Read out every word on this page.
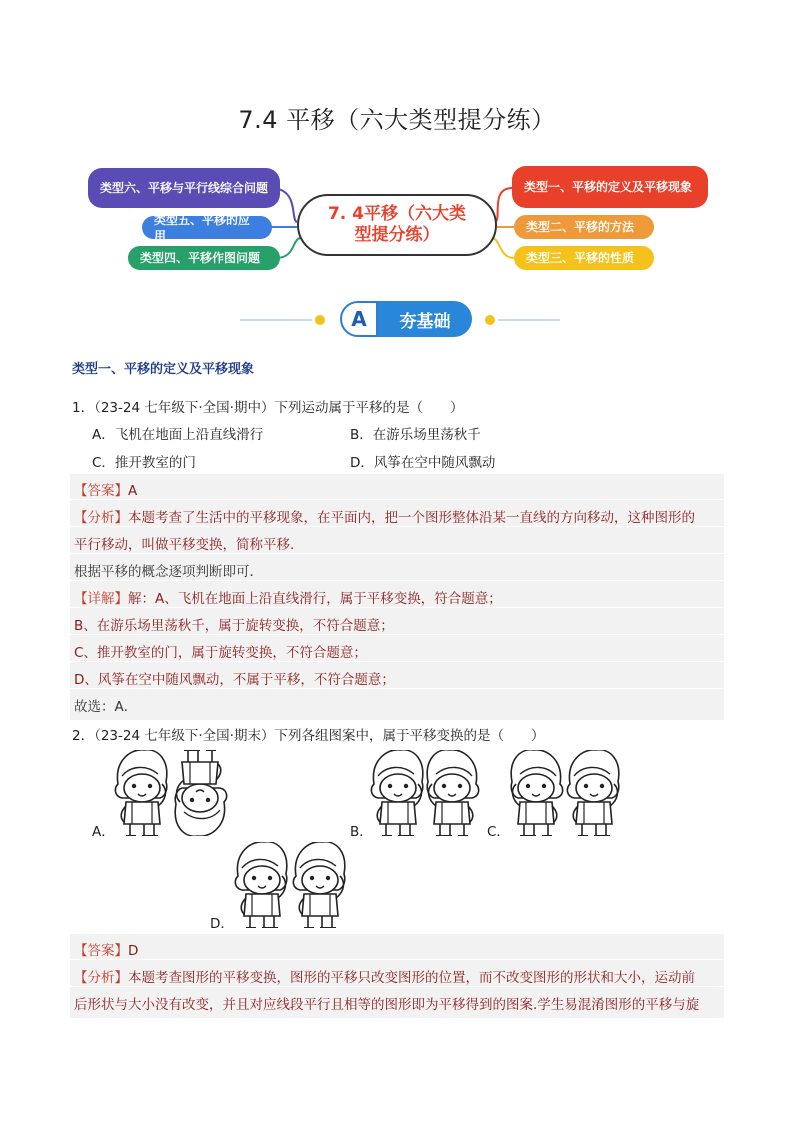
7.4 平移（六大类型提分练）
类型六、平移与平行线综合问题
类型五、平移的应用
类型四、平移作图问题
7. 4平移（六大类
型提分练）
类型一、平移的定义及平移现象
类型二、平移的方法
类型三、平移的性质
A	夯基础
类型一、平移的定义及平移现象
1．（23-24 七年级下·全国·期中）下列运动属于平移的是（　　）
A．飞机在地面上沿直线滑行	B．在游乐场里荡秋千
C．推开教室的门	D．风筝在空中随风飘动
【答案】A
【分析】本题考查了生活中的平移现象，在平面内，把一个图形整体沿某一直线的方向移动，这种图形的
平行移动，叫做平移变换，简称平移．
根据平移的概念逐项判断即可．
【详解】解：A、飞机在地面上沿直线滑行，属于平移变换，符合题意；
B、在游乐场里荡秋千，属于旋转变换，不符合题意；
C、推开教室的门，属于旋转变换，不符合题意；
D、风筝在空中随风飘动，不属于平移，不符合题意；
故选：A．
2．（23-24 七年级下·全国·期末）下列各组图案中，属于平移变换的是（　　）
A．	B．	C．
D．
【答案】D
【分析】本题考查图形的平移变换，图形的平移只改变图形的位置，而不改变图形的形状和大小，运动前
后形状与大小没有改变，并且对应线段平行且相等的图形即为平移得到的图案.学生易混淆图形的平移与旋
